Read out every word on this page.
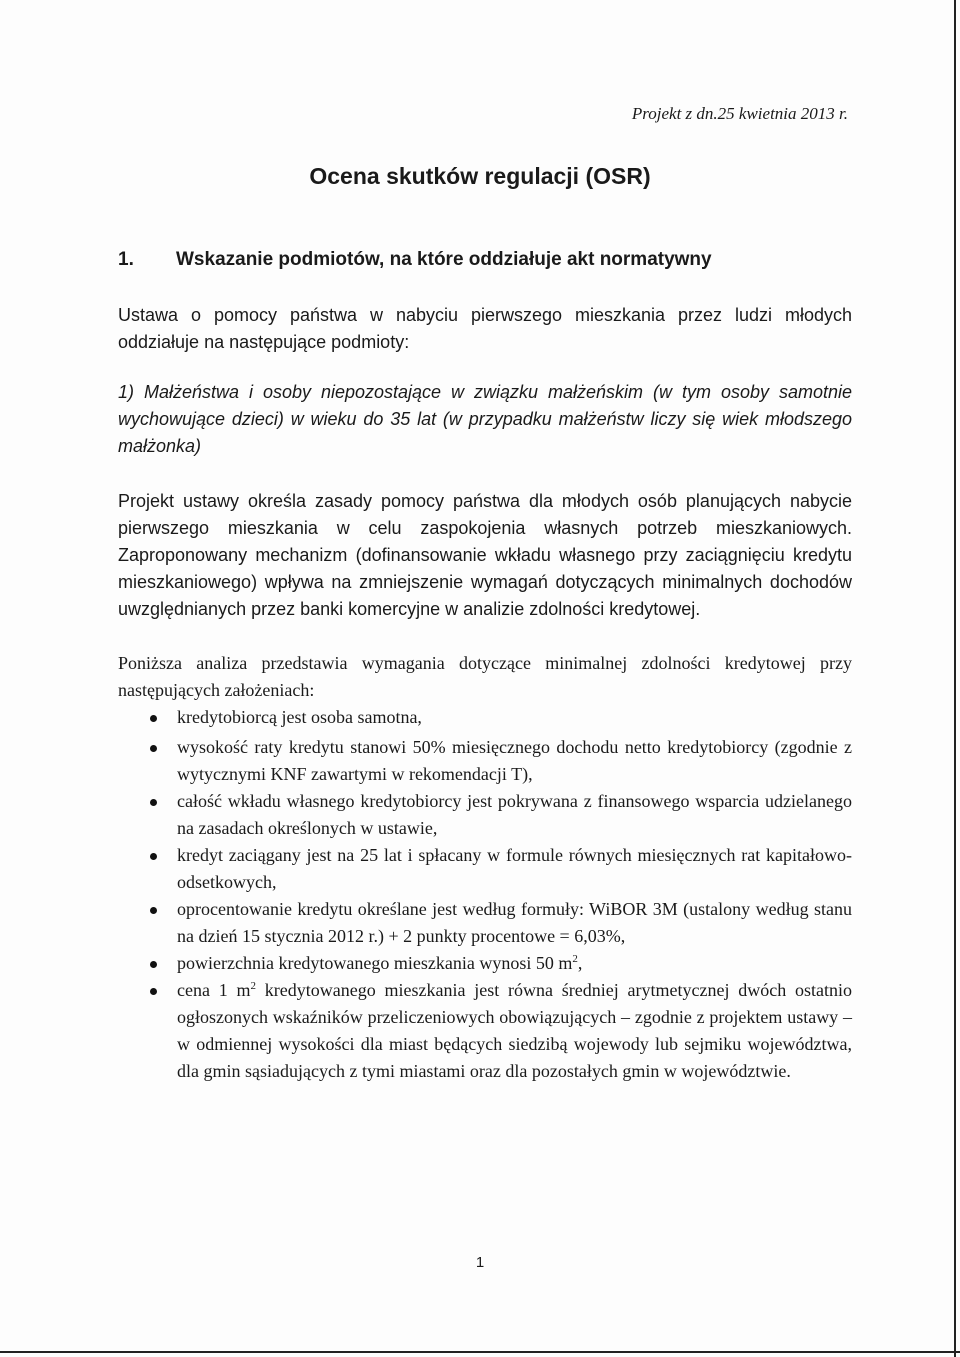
Projekt z dn.25 kwietnia 2013 r.
Ocena skutków regulacji (OSR)
1. Wskazanie podmiotów, na które oddziałuje akt normatywny
Ustawa o pomocy państwa w nabyciu pierwszego mieszkania przez ludzi młodych oddziałuje na następujące podmioty:
1) Małżeństwa i osoby niepozostające w związku małżeńskim (w tym osoby samotnie wychowujące dzieci) w wieku do 35 lat (w przypadku małżeństw liczy się wiek młodszego małżonka)
Projekt ustawy określa zasady pomocy państwa dla młodych osób planujących nabycie pierwszego mieszkania w celu zaspokojenia własnych potrzeb mieszkaniowych. Zaproponowany mechanizm (dofinansowanie wkładu własnego przy zaciągnięciu kredytu mieszkaniowego) wpływa na zmniejszenie wymagań dotyczących minimalnych dochodów uwzględnianych przez banki komercyjne w analizie zdolności kredytowej.
Poniższa analiza przedstawia wymagania dotyczące minimalnej zdolności kredytowej przy następujących założeniach:
kredytobiorcą jest osoba samotna,
wysokość raty kredytu stanowi 50% miesięcznego dochodu netto kredytobiorcy (zgodnie z wytycznymi KNF zawartymi w rekomendacji T),
całość wkładu własnego kredytobiorcy jest pokrywana z finansowego wsparcia udzielanego na zasadach określonych w ustawie,
kredyt zaciągany jest na 25 lat i spłacany w formule równych miesięcznych rat kapitałowo-odsetkowych,
oprocentowanie kredytu określane jest według formuły: WiBOR 3M (ustalony według stanu na dzień 15 stycznia 2012 r.) + 2 punkty procentowe = 6,03%,
powierzchnia kredytowanego mieszkania wynosi 50 $m^2$,
cena 1 $m^2$ kredytowanego mieszkania jest równa średniej arytmetycznej dwóch ostatnio ogłoszonych wskaźników przeliczeniowych obowiązujących – zgodnie z projektem ustawy – w odmiennej wysokości dla miast będących siedzibą wojewody lub sejmiku województwa, dla gmin sąsiadujących z tymi miastami oraz dla pozostałych gmin w województwie.
1
